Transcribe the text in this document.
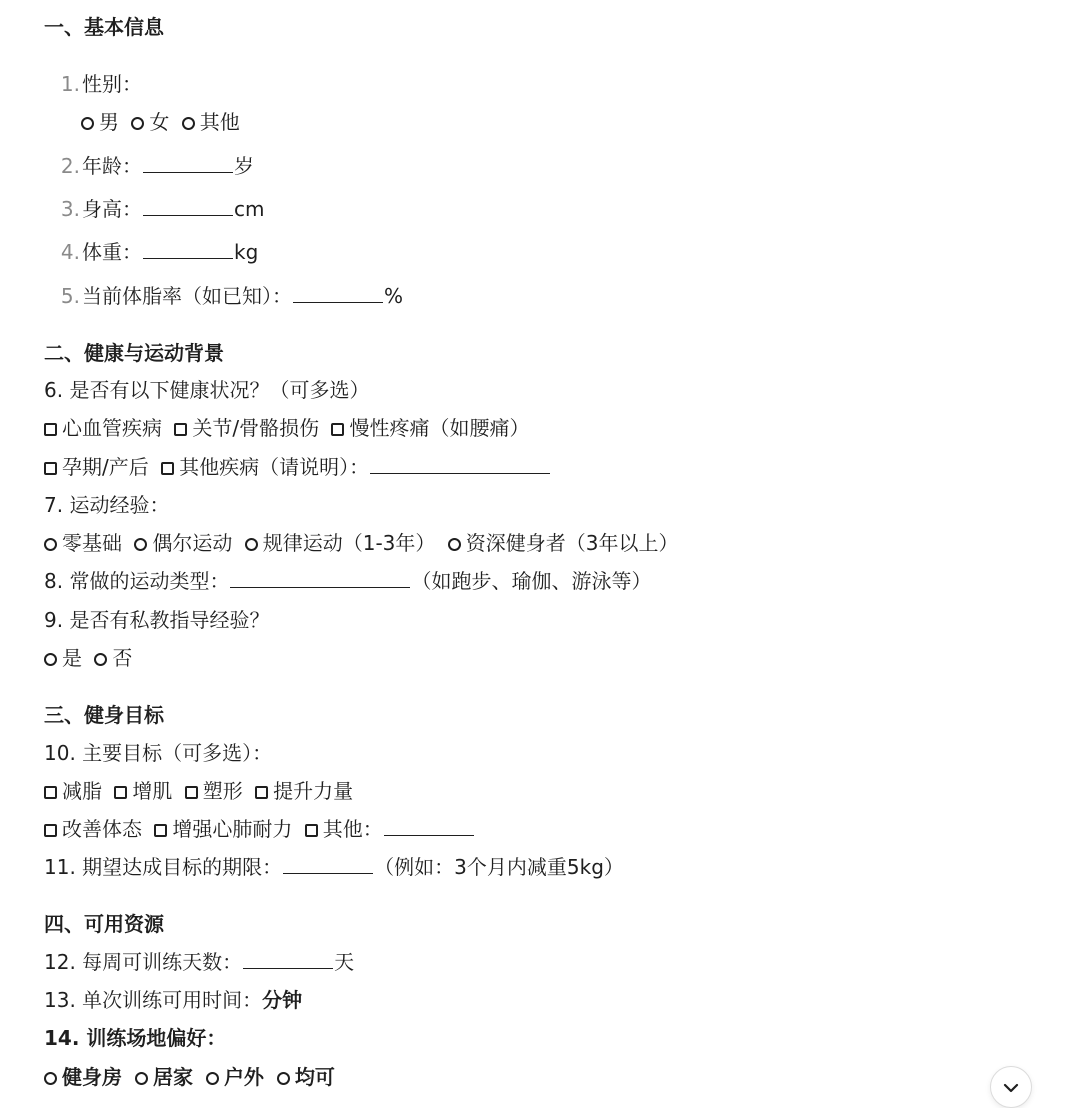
一、基本信息
1. 性别：
男 女 其他
2. 年龄：	岁
3. 身高：	cm
4. 体重：	kg
5. 当前体脂率（如已知）：	%
二、健康与运动背景
6. 是否有以下健康状况？（可多选）
心血管疾病 关节/骨骼损伤 慢性疼痛（如腰痛）
孕期/产后 其他疾病（请说明）：
7. 运动经验：
零基础 偶尔运动 规律运动（1-3年） 资深健身者（3年以上）
8. 常做的运动类型：	（如跑步、瑜伽、游泳等）
9. 是否有私教指导经验？
是 否
三、健身目标
10. 主要目标（可多选）：
减脂 增肌 塑形 提升力量
改善体态 增强心肺耐力 其他：
11. 期望达成目标的期限：	（例如：3个月内减重5kg）
四、可用资源
12. 每周可训练天数：	天
13. 单次训练可用时间：分钟
14. 训练场地偏好：
健身房 居家 户外 均可
